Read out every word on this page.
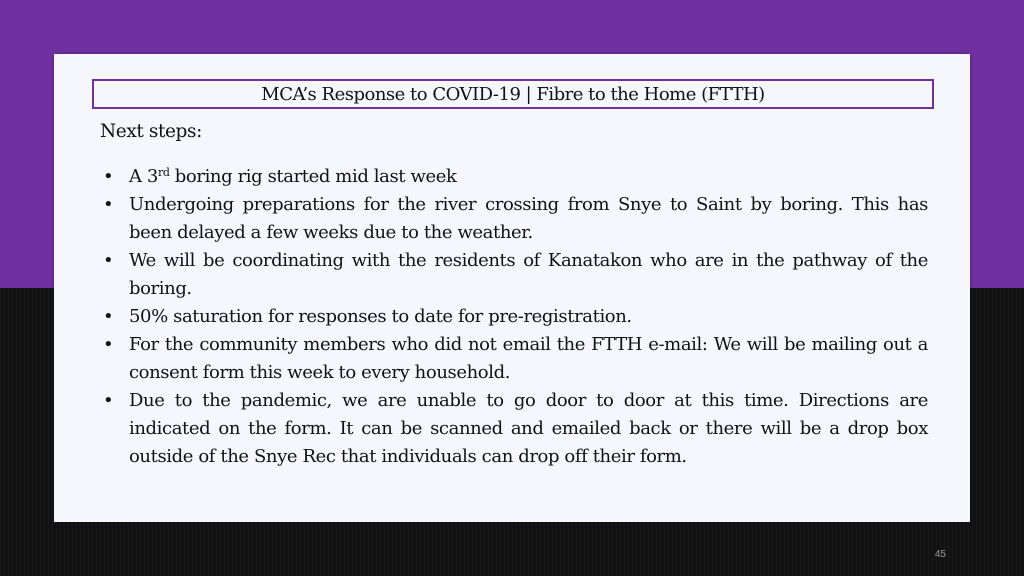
MCA’s Response to COVID-19 | Fibre to the Home (FTTH)
Next steps:
• A 3rd boring rig started mid last week
• Undergoing preparations for the river crossing from Snye to Saint by boring. This has been delayed a few weeks due to the weather.
• We will be coordinating with the residents of Kanatakon who are in the pathway of the boring.
• 50% saturation for responses to date for pre-registration.
• For the community members who did not email the FTTH e-mail: We will be mailing out a consent form this week to every household.
• Due to the pandemic, we are unable to go door to door at this time. Directions are indicated on the form. It can be scanned and emailed back or there will be a drop box outside of the Snye Rec that individuals can drop off their form.
45
